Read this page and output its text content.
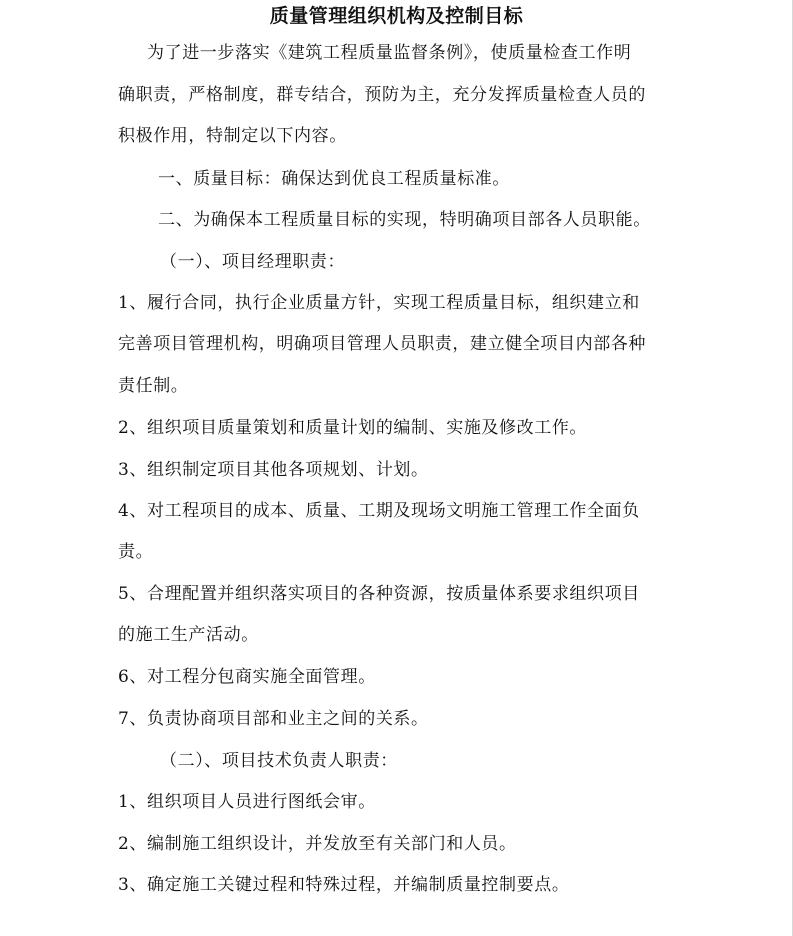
质量管理组织机构及控制目标
为了进一步落实《建筑工程质量监督条例》，使质量检查工作明
确职责，严格制度，群专结合，预防为主，充分发挥质量检查人员的
积极作用，特制定以下内容。
一、质量目标：确保达到优良工程质量标准。
二、为确保本工程质量目标的实现，特明确项目部各人员职能。
（一）、项目经理职责：
1、履行合同，执行企业质量方针，实现工程质量目标，组织建立和
完善项目管理机构，明确项目管理人员职责，建立健全项目内部各种
责任制。
2、组织项目质量策划和质量计划的编制、实施及修改工作。
3、组织制定项目其他各项规划、计划。
4、对工程项目的成本、质量、工期及现场文明施工管理工作全面负
责。
5、合理配置并组织落实项目的各种资源，按质量体系要求组织项目
的施工生产活动。
6、对工程分包商实施全面管理。
7、负责协商项目部和业主之间的关系。
（二）、项目技术负责人职责：
1、组织项目人员进行图纸会审。
2、编制施工组织设计，并发放至有关部门和人员。
3、确定施工关键过程和特殊过程，并编制质量控制要点。
